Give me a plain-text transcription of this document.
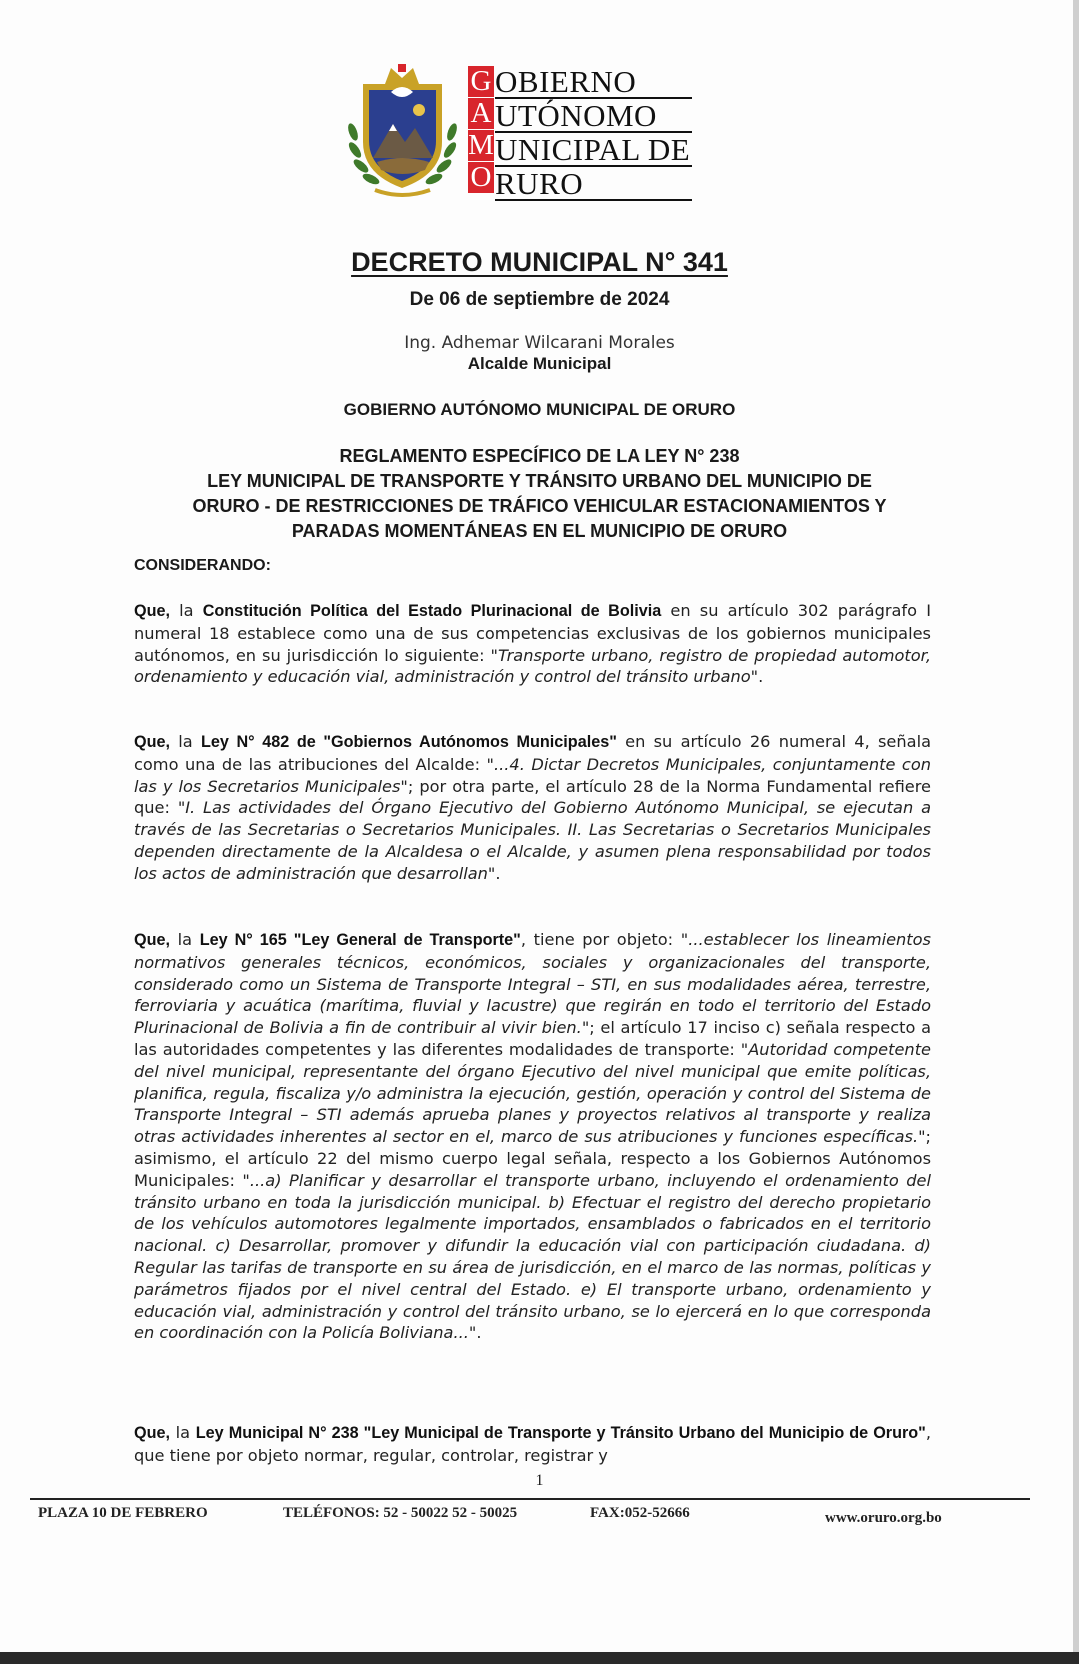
G
A
M
O
OBIERNO
UTÓNOMO
UNICIPAL DE
RURO
DECRETO MUNICIPAL N° 341
De 06 de septiembre de 2024
Ing. Adhemar Wilcarani Morales
Alcalde Municipal
GOBIERNO AUTÓNOMO MUNICIPAL DE ORURO
REGLAMENTO ESPECÍFICO DE LA LEY N° 238
LEY MUNICIPAL DE TRANSPORTE Y TRÁNSITO URBANO DEL MUNICIPIO DE
ORURO - DE RESTRICCIONES DE TRÁFICO VEHICULAR ESTACIONAMIENTOS Y
PARADAS MOMENTÁNEAS EN EL MUNICIPIO DE ORURO
CONSIDERANDO:
Que, la Constitución Política del Estado Plurinacional de Bolivia en su artículo 302 parágrafo I numeral 18 establece como una de sus competencias exclusivas de los gobiernos municipales autónomos, en su jurisdicción lo siguiente: "Transporte urbano, registro de propiedad automotor, ordenamiento y educación vial, administración y control del tránsito urbano".
Que, la Ley N° 482 de "Gobiernos Autónomos Municipales" en su artículo 26 numeral 4, señala como una de las atribuciones del Alcalde: "...4. Dictar Decretos Municipales, conjuntamente con las y los Secretarios Municipales"; por otra parte, el artículo 28 de la Norma Fundamental refiere que: "I. Las actividades del Órgano Ejecutivo del Gobierno Autónomo Municipal, se ejecutan a través de las Secretarias o Secretarios Municipales. II. Las Secretarias o Secretarios Municipales dependen directamente de la Alcaldesa o el Alcalde, y asumen plena responsabilidad por todos los actos de administración que desarrollan".
Que, la Ley N° 165 "Ley General de Transporte", tiene por objeto: "...establecer los lineamientos normativos generales técnicos, económicos, sociales y organizacionales del transporte, considerado como un Sistema de Transporte Integral – STI, en sus modalidades aérea, terrestre, ferroviaria y acuática (marítima, fluvial y lacustre) que regirán en todo el territorio del Estado Plurinacional de Bolivia a fin de contribuir al vivir bien."; el artículo 17 inciso c) señala respecto a las autoridades competentes y las diferentes modalidades de transporte: "Autoridad competente del nivel municipal, representante del órgano Ejecutivo del nivel municipal que emite políticas, planifica, regula, fiscaliza y/o administra la ejecución, gestión, operación y control del Sistema de Transporte Integral – STI además aprueba planes y proyectos relativos al transporte y realiza otras actividades inherentes al sector en el, marco de sus atribuciones y funciones específicas."; asimismo, el artículo 22 del mismo cuerpo legal señala, respecto a los Gobiernos Autónomos Municipales: "...a) Planificar y desarrollar el transporte urbano, incluyendo el ordenamiento del tránsito urbano en toda la jurisdicción municipal. b) Efectuar el registro del derecho propietario de los vehículos automotores legalmente importados, ensamblados o fabricados en el territorio nacional. c) Desarrollar, promover y difundir la educación vial con participación ciudadana. d) Regular las tarifas de transporte en su área de jurisdicción, en el marco de las normas, políticas y parámetros fijados por el nivel central del Estado. e) El transporte urbano, ordenamiento y educación vial, administración y control del tránsito urbano, se lo ejercerá en lo que corresponda en coordinación con la Policía Boliviana...".
Que, la Ley Municipal N° 238 "Ley Municipal de Transporte y Tránsito Urbano del Municipio de Oruro", que tiene por objeto normar, regular, controlar, registrar y
1
PLAZA 10 DE FEBRERO	TELÉFONOS: 52 - 50022 52 - 50025	FAX:052-52666	www.oruro.org.bo
